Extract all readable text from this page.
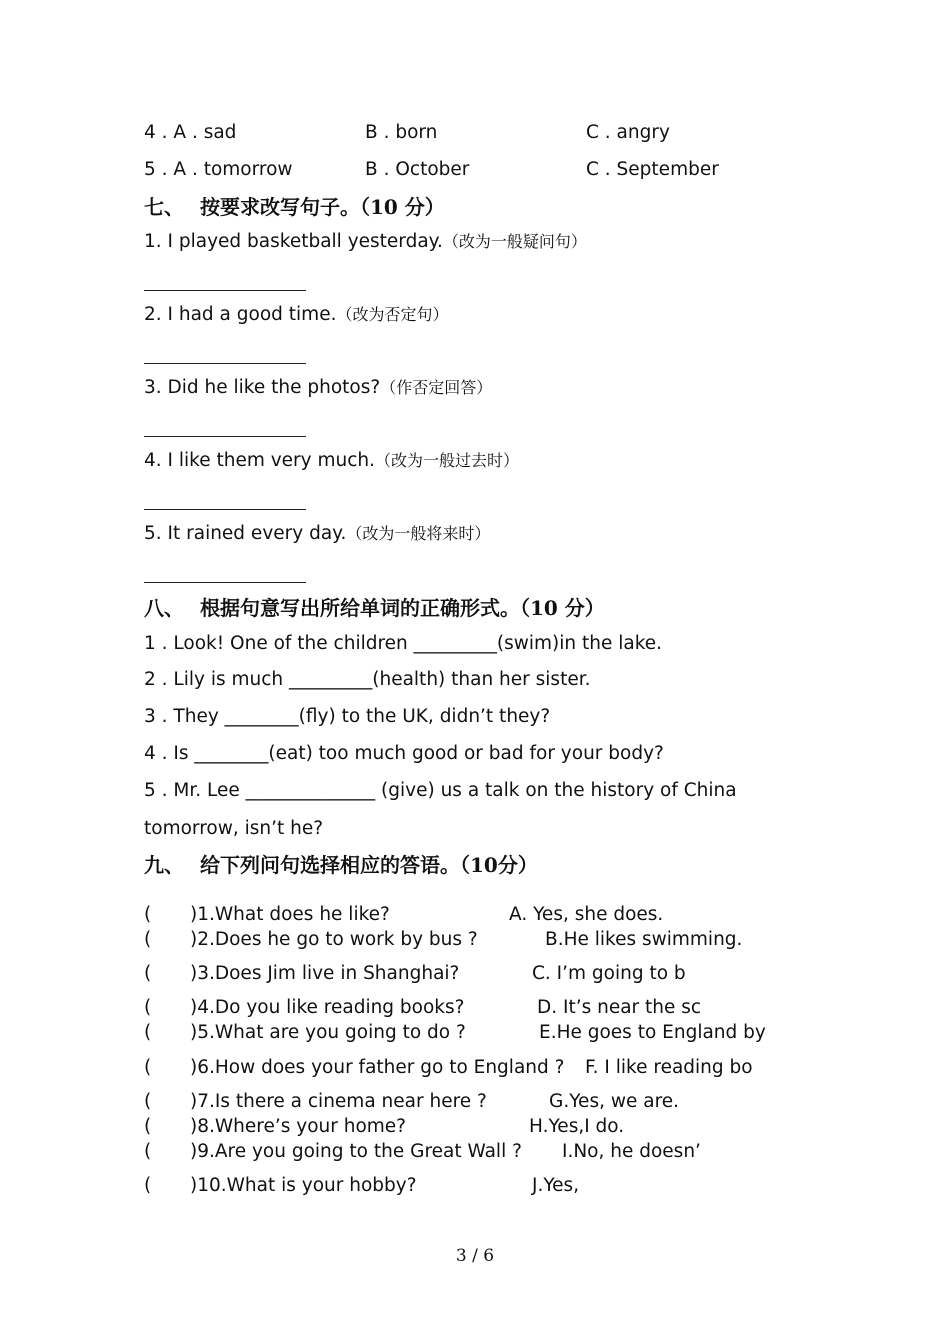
4 . A . sad	B . born	C . angry
5 . A . tomorrow	B . October	C . September
七、 按要求改写句子。（10 分）
1. I played basketball yesterday.（改为一般疑问句）
2. I had a good time.（改为否定句）
3. Did he like the photos?（作否定回答）
4. I like them very much.（改为一般过去时）
5. It rained every day.（改为一般将来时）
八、 根据句意写出所给单词的正确形式。（10 分）
1 . Look! One of the children _________(swim)in the lake.
2 . Lily is much _________(health) than her sister.
3 . They ________(fly) to the UK, didn’t they?
4 . Is ________(eat) too much good or bad for your body?
5 . Mr. Lee ______________ (give) us a talk on the history of China
tomorrow, isn’t he?
九、 给下列问句选择相应的答语。（10分）
( )1.What does he like?	A. Yes, she does.
( )2.Does he go to work by bus ?	B.He likes swimming.
( )3.Does Jim live in Shanghai?	C. I’m going to b
( )4.Do you like reading books?	D. It’s near the sc
( )5.What are you going to do ?	E.He goes to England by
( )6.How does your father go to England ? F. I like reading bo
( )7.Is there a cinema near here ?	G.Yes, we are.
( )8.Where’s your home?	H.Yes,I do.
( )9.Are you going to the Great Wall ? I.No, he doesn’
( )10.What is your hobby?	J.Yes,
3 / 6
